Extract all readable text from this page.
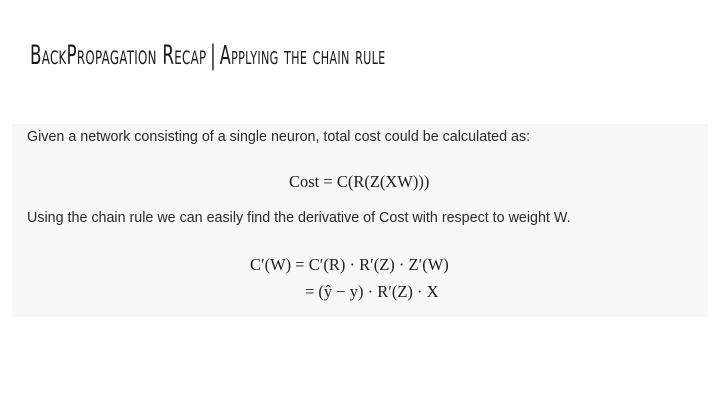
BackPropagation Recap | Applying the chain rule
Given a network consisting of a single neuron, total cost could be calculated as:
Cost = C(R(Z(XW)))
Using the chain rule we can easily find the derivative of Cost with respect to weight W.
C′(W) = C′(R) · R′(Z) · Z′(W)
= (ŷ − y) · R′(Z) · X
